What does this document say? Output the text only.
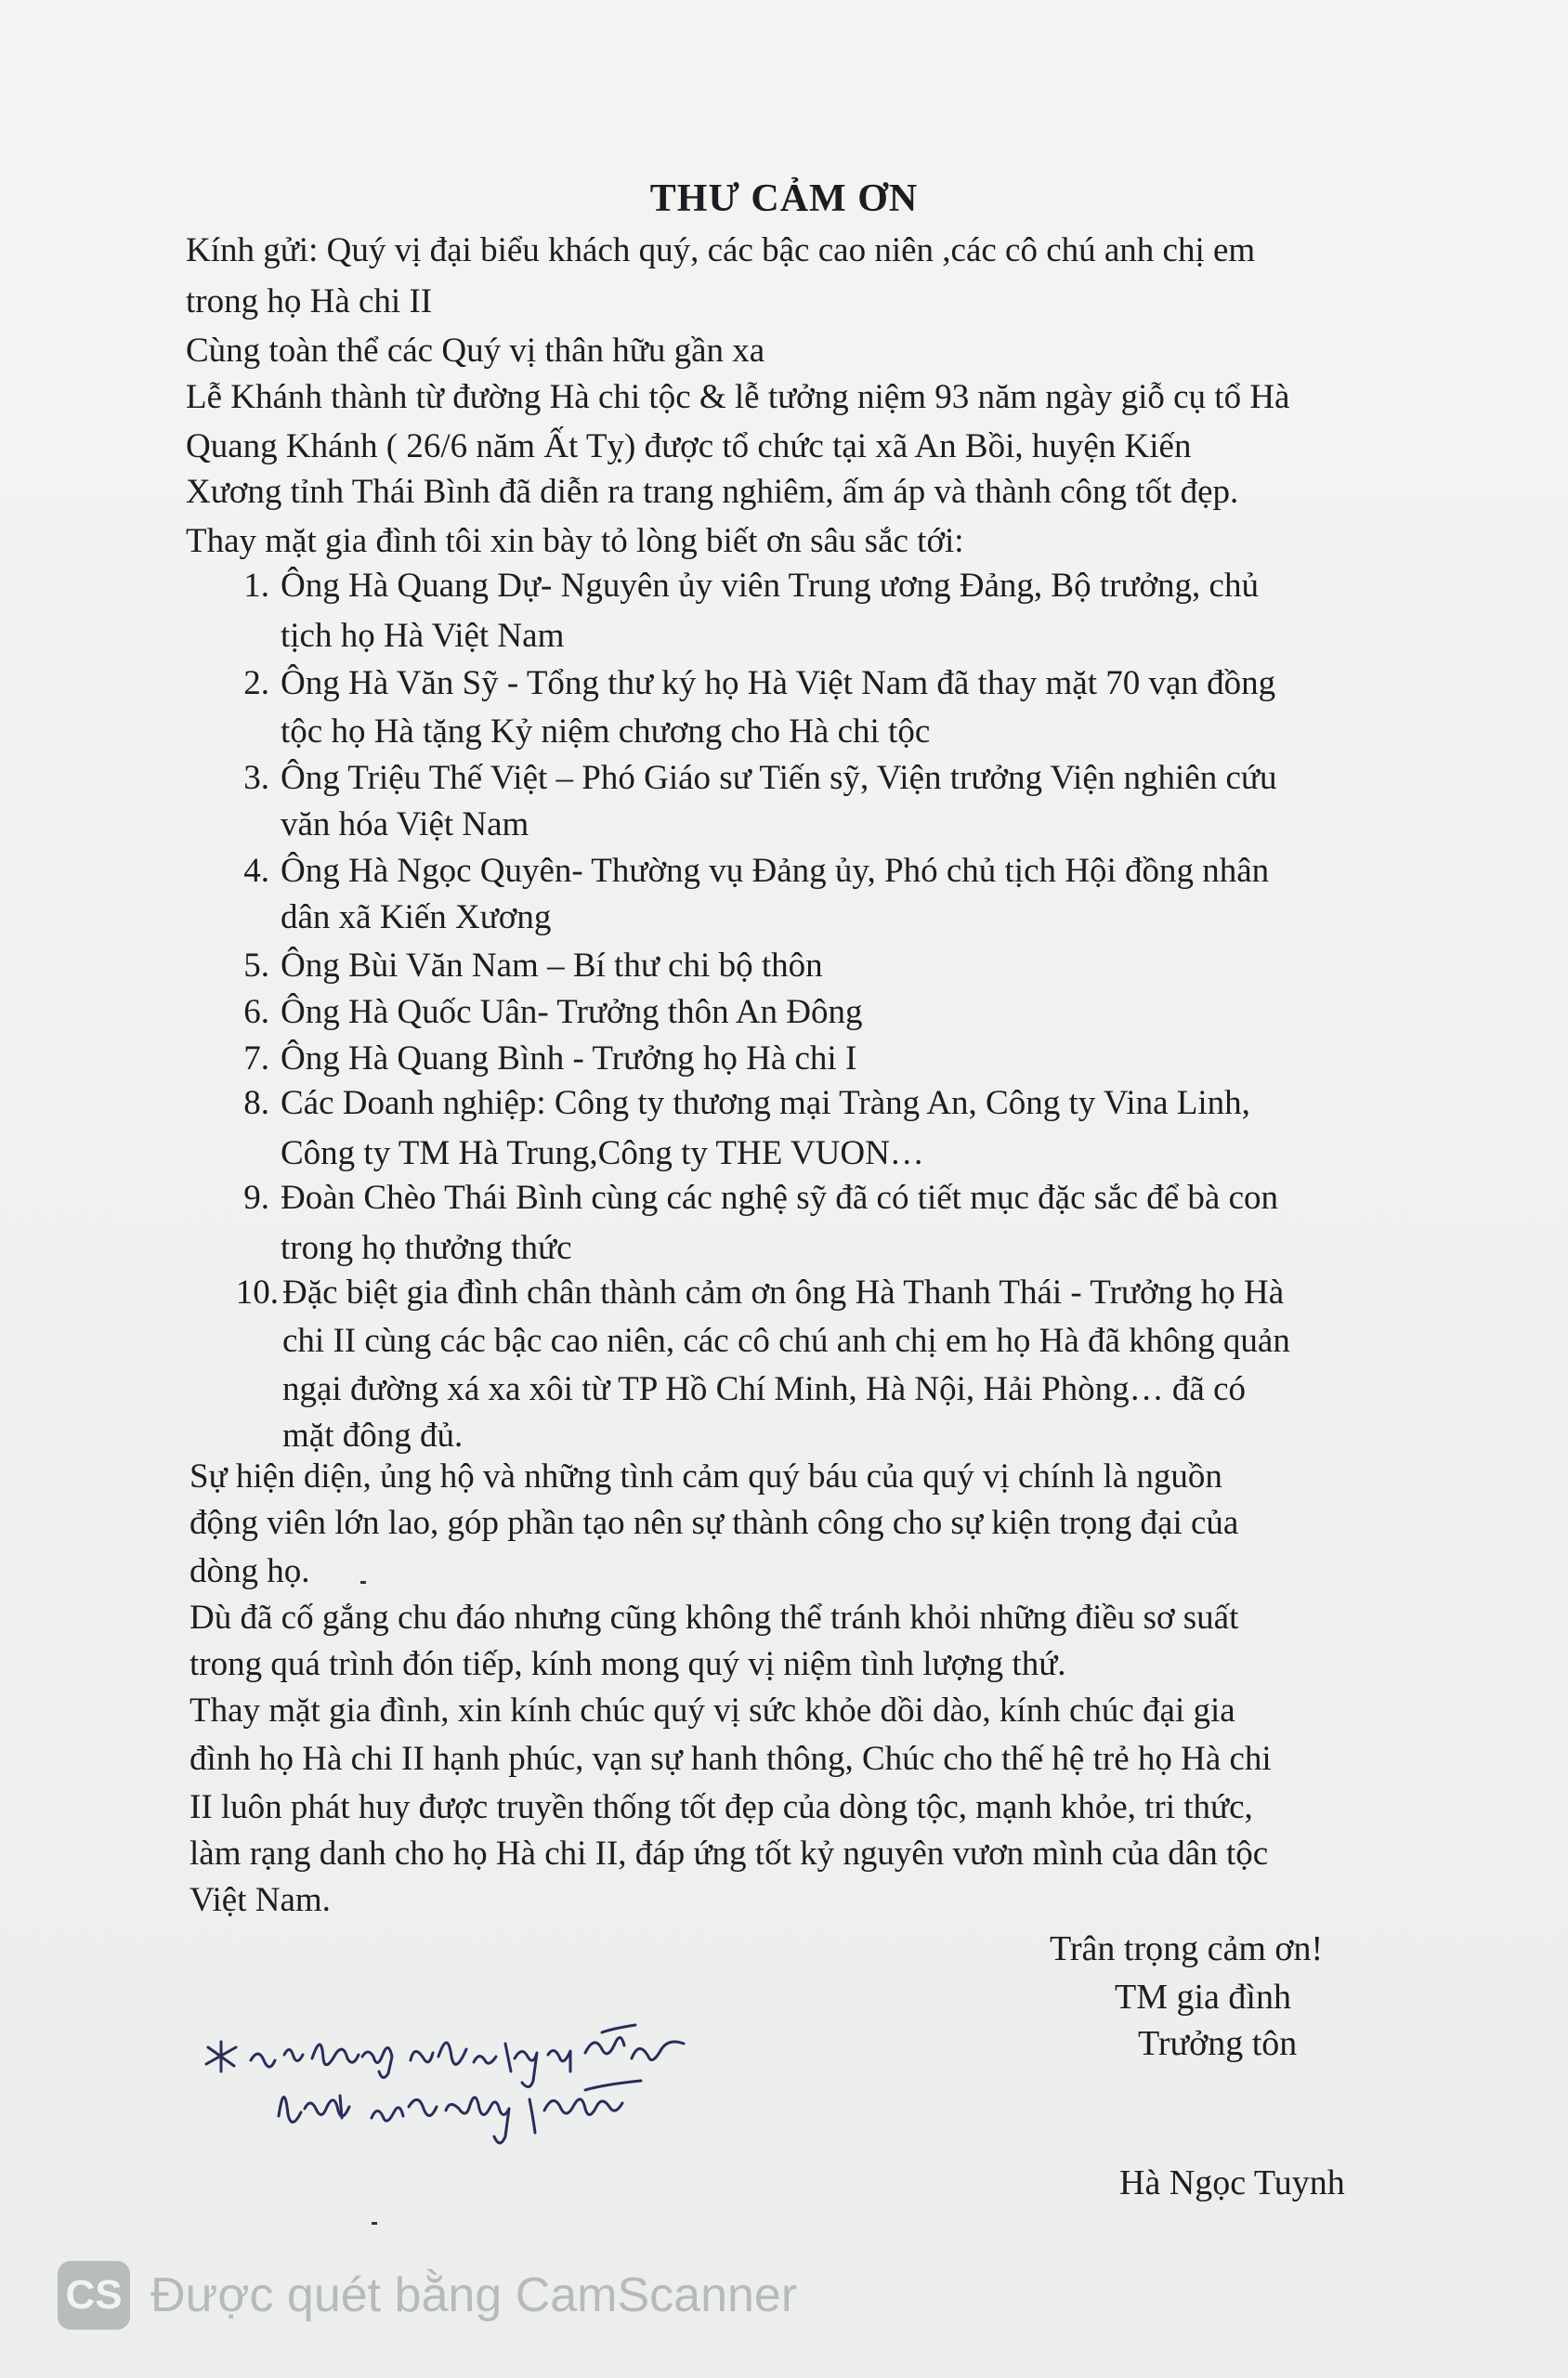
THƯ CẢM ƠN
Kính gửi: Quý vị đại biểu khách quý, các bậc cao niên ,các cô chú anh chị em
trong họ Hà chi II
Cùng toàn thể các Quý vị thân hữu gần xa
Lễ Khánh thành từ đường Hà chi tộc & lễ tưởng niệm 93 năm ngày giỗ cụ tổ Hà
Quang Khánh ( 26/6 năm Ất Tỵ) được tổ chức tại xã An Bồi, huyện Kiến
Xương tỉnh Thái Bình đã diễn ra trang nghiêm, ấm áp và thành công tốt đẹp.
Thay mặt gia đình tôi xin bày tỏ lòng biết ơn sâu sắc tới:
1. Ông Hà Quang Dự- Nguyên ủy viên Trung ương Đảng, Bộ trưởng, chủ
tịch họ Hà Việt Nam
2. Ông Hà Văn Sỹ - Tổng thư ký họ Hà Việt Nam đã thay mặt 70 vạn đồng
tộc họ Hà tặng Kỷ niệm chương cho Hà chi tộc
3. Ông Triệu Thế Việt – Phó Giáo sư Tiến sỹ, Viện trưởng Viện nghiên cứu
văn hóa Việt Nam
4. Ông Hà Ngọc Quyên- Thường vụ Đảng ủy, Phó chủ tịch Hội đồng nhân
dân xã Kiến Xương
5. Ông Bùi Văn Nam – Bí thư chi bộ thôn
6. Ông Hà Quốc Uân- Trưởng thôn An Đông
7. Ông Hà Quang Bình - Trưởng họ Hà chi I
8. Các Doanh nghiệp: Công ty thương mại Tràng An, Công ty Vina Linh,
Công ty TM Hà Trung,Công ty THE VUON…
9. Đoàn Chèo Thái Bình cùng các nghệ sỹ đã có tiết mục đặc sắc để bà con
trong họ thưởng thức
10. Đặc biệt gia đình chân thành cảm ơn ông Hà Thanh Thái - Trưởng họ Hà
chi II cùng các bậc cao niên, các cô chú anh chị em họ Hà đã không quản
ngại đường xá xa xôi từ TP Hồ Chí Minh, Hà Nội, Hải Phòng… đã có
mặt đông đủ.
Sự hiện diện, ủng hộ và những tình cảm quý báu của quý vị chính là nguồn
động viên lớn lao, góp phần tạo nên sự thành công cho sự kiện trọng đại của
dòng họ.
Dù đã cố gắng chu đáo nhưng cũng không thể tránh khỏi những điều sơ suất
trong quá trình đón tiếp, kính mong quý vị niệm tình lượng thứ.
Thay mặt gia đình, xin kính chúc quý vị sức khỏe dồi dào, kính chúc đại gia
đình họ Hà chi II hạnh phúc, vạn sự hanh thông, Chúc cho thế hệ trẻ họ Hà chi
II luôn phát huy được truyền thống tốt đẹp của dòng tộc, mạnh khỏe, tri thức,
làm rạng danh cho họ Hà chi II, đáp ứng tốt kỷ nguyên vươn mình của dân tộc
Việt Nam.
Trân trọng cảm ơn!
TM gia đình
Trưởng tôn
Hà Ngọc Tuynh
CS Được quét bằng CamScanner
